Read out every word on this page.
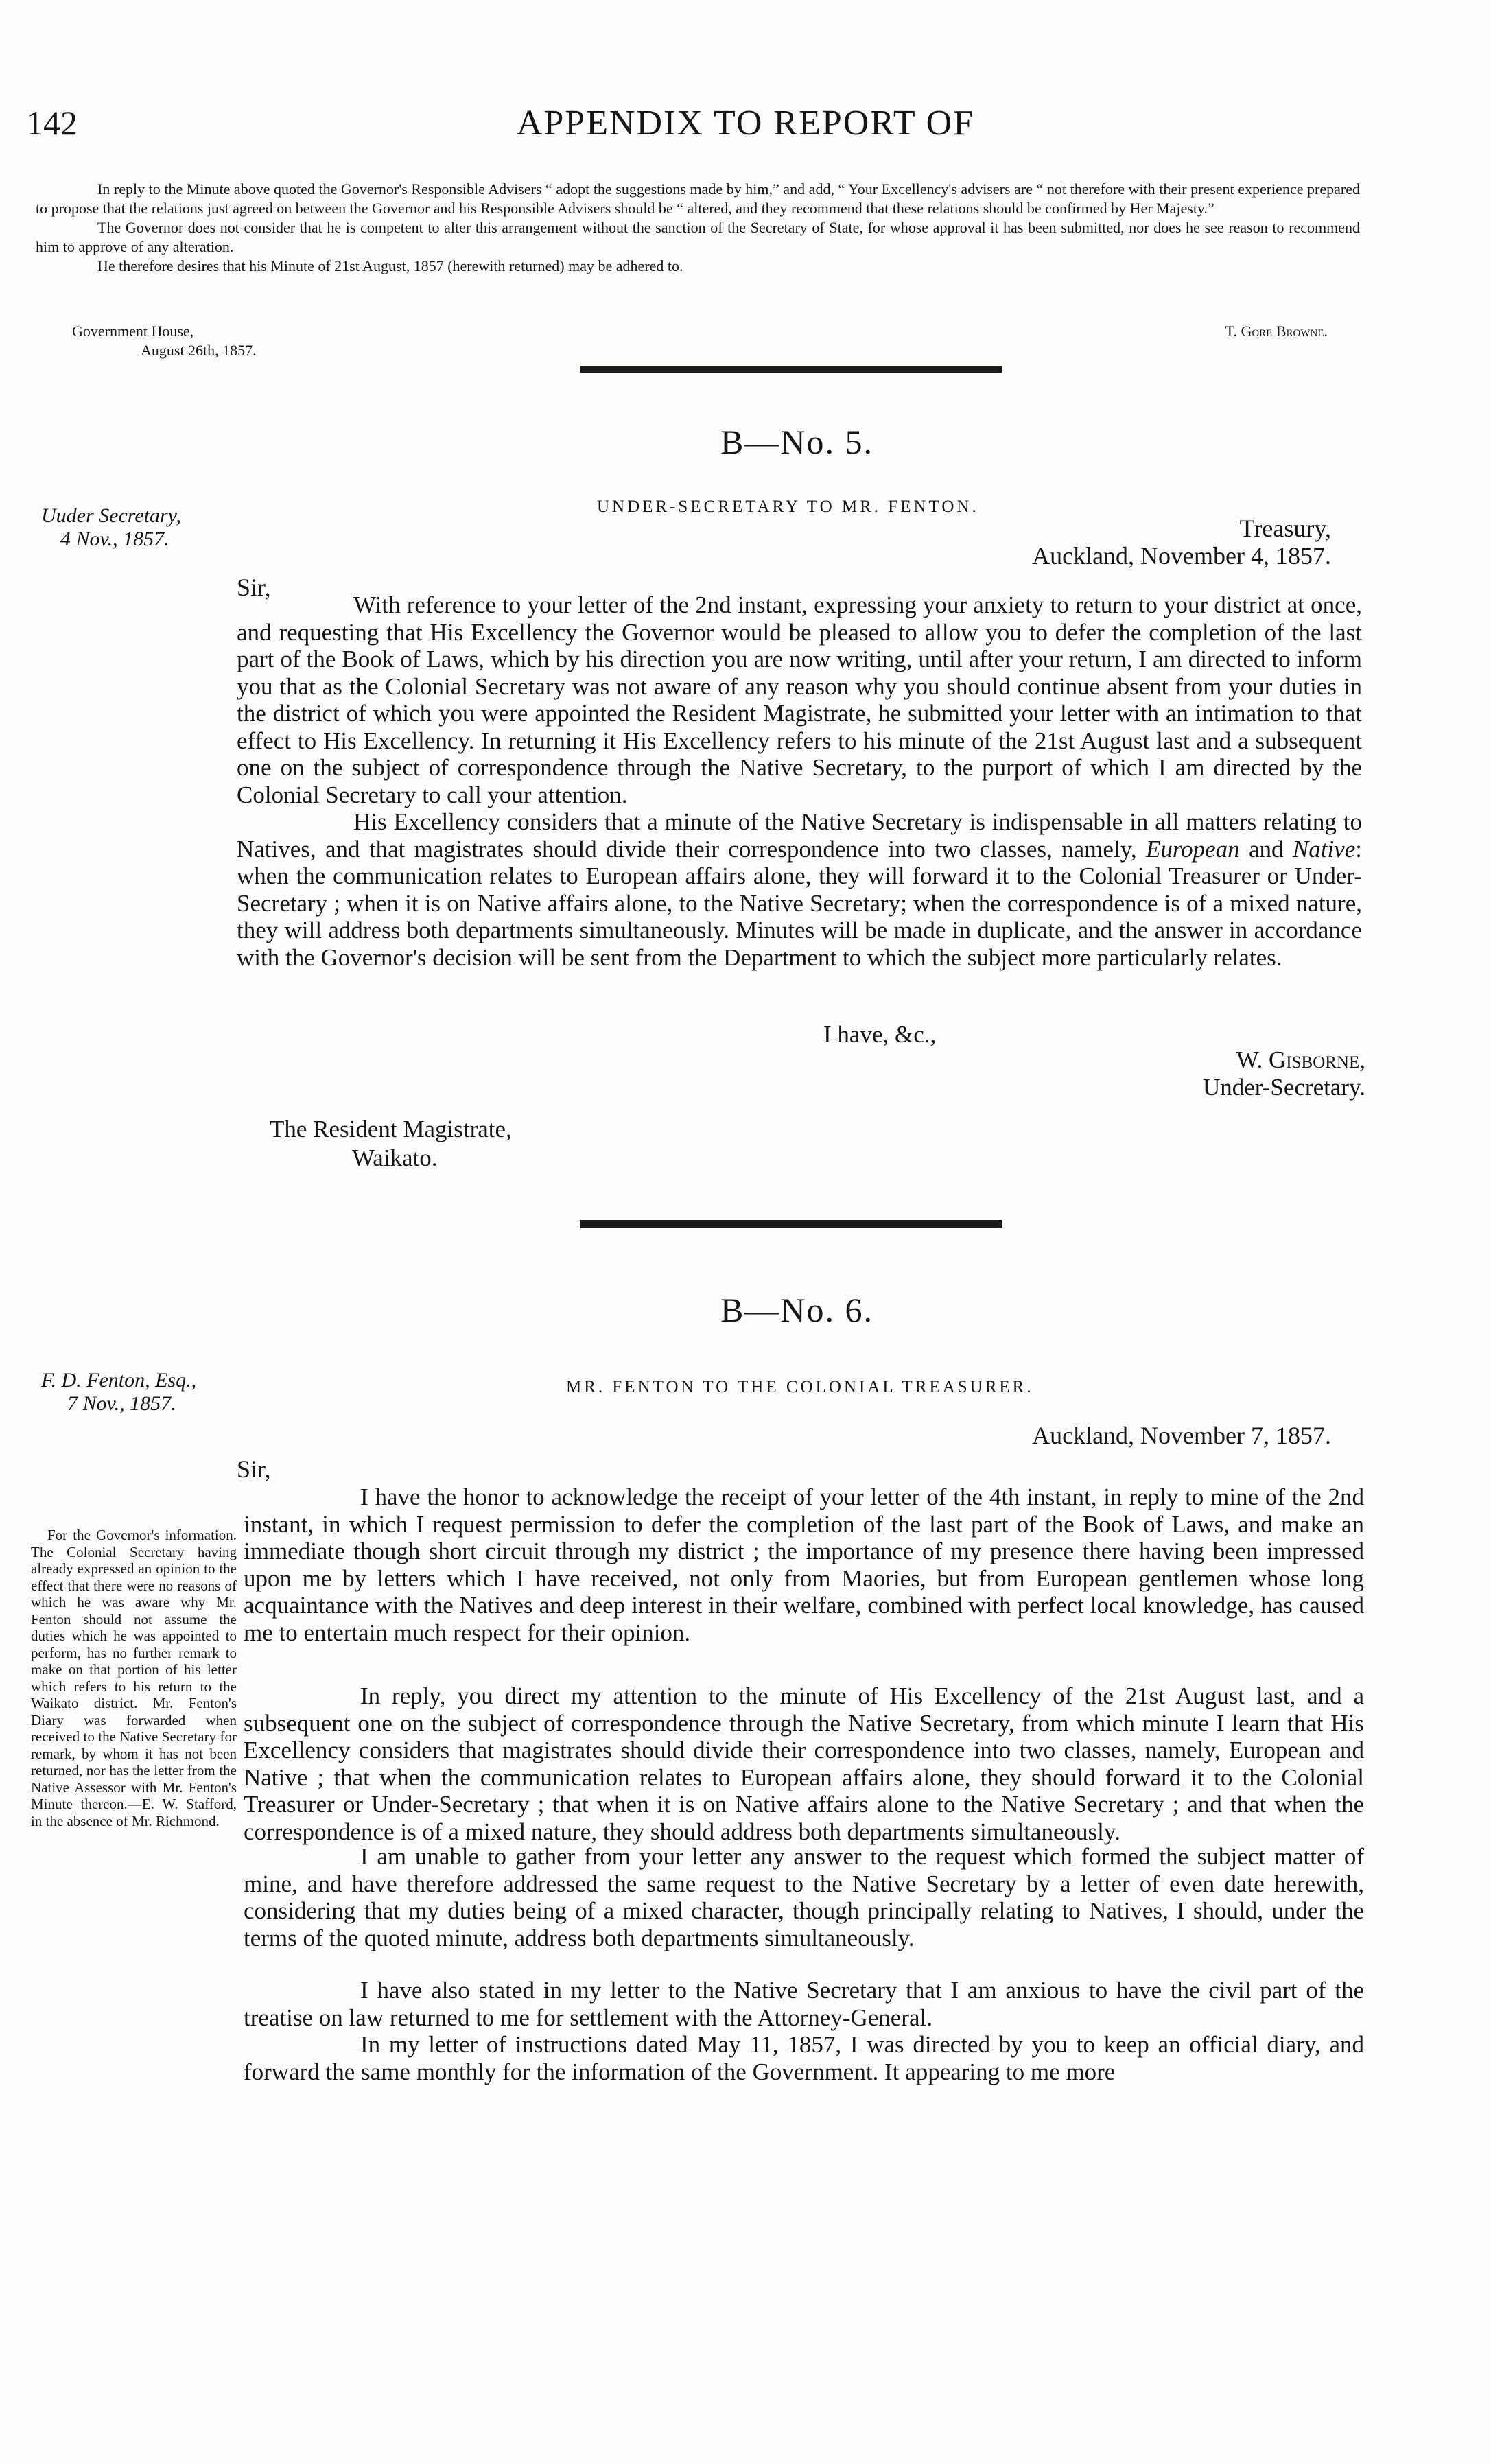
142	APPENDIX TO REPORT OF

In reply to the Minute above quoted the Governor's Responsible Advisers “ adopt the suggestions made by him,” and add, “ Your Excellency's advisers are “ not therefore with their present experience prepared to propose that the relations just agreed on between the Governor and his Responsible Advisers should be “ altered, and they recommend that these relations should be confirmed by Her Majesty.”

The Governor does not consider that he is competent to alter this arrangement without the sanction of the Secretary of State, for whose approval it has been submitted, nor does he see reason to recommend him to approve of any alteration.

He therefore desires that his Minute of 21st August, 1857 (herewith returned) may be adhered to.

Government House,	T. Gore Browne.
August 26th, 1857.
B—No. 5.
Uuder Secretary,
4 Nov., 1857.
UNDER-SECRETARY TO MR. FENTON.
Treasury,
Auckland, November 4, 1857.
Sir,

With reference to your letter of the 2nd instant, expressing your anxiety to return to your district at once, and requesting that His Excellency the Governor would be pleased to allow you to defer the completion of the last part of the Book of Laws, which by his direction you are now writing, until after your return, I am directed to inform you that as the Colonial Secretary was not aware of any reason why you should continue absent from your duties in the district of which you were appointed the Resident Magistrate, he submitted your letter with an intimation to that effect to His Excellency. In returning it His Excellency refers to his minute of the 21st August last and a subsequent one on the subject of correspondence through the Native Secretary, to the purport of which I am directed by the Colonial Secretary to call your attention.

His Excellency considers that a minute of the Native Secretary is indispensable in all matters relating to Natives, and that magistrates should divide their correspondence into two classes, namely, European and Native: when the communication relates to European affairs alone, they will forward it to the Colonial Treasurer or Under-Secretary ; when it is on Native affairs alone, to the Native Secretary; when the correspondence is of a mixed nature, they will address both departments simultaneously. Minutes will be made in duplicate, and the answer in accordance with the Governor's decision will be sent from the Department to which the subject more particularly relates.

I have, &c.,
W. Gisborne,
Under-Secretary.
The Resident Magistrate,
Waikato.
B—No. 6.
F. D. Fenton, Esq.,
7 Nov., 1857.
MR. FENTON TO THE COLONIAL TREASURER.
Auckland, November 7, 1857.
Sir,

For the Governor's information. The Colonial Secretary having already expressed an opinion to the effect that there were no reasons of which he was aware why Mr. Fenton should not assume the duties which he was appointed to perform, has no further remark to make on that portion of his letter which refers to his return to the Waikato district. Mr. Fenton's Diary was forwarded when received to the Native Secretary for remark, by whom it has not been returned, nor has the letter from the Native Assessor with Mr. Fenton's Minute thereon.—E. W. Stafford, in the absence of Mr. Richmond.

I have the honor to acknowledge the receipt of your letter of the 4th instant, in reply to mine of the 2nd instant, in which I request permission to defer the completion of the last part of the Book of Laws, and make an immediate though short circuit through my district ; the importance of my presence there having been impressed upon me by letters which I have received, not only from Maories, but from European gentlemen whose long acquaintance with the Natives and deep interest in their welfare, combined with perfect local knowledge, has caused me to entertain much respect for their opinion.

In reply, you direct my attention to the minute of His Excellency of the 21st August last, and a subsequent one on the subject of correspondence through the Native Secretary, from which minute I learn that His Excellency considers that magistrates should divide their correspondence into two classes, namely, European and Native ; that when the communication relates to European affairs alone, they should forward it to the Colonial Treasurer or Under-Secretary ; that when it is on Native affairs alone to the Native Secretary ; and that when the correspondence is of a mixed nature, they should address both departments simultaneously.

I am unable to gather from your letter any answer to the request which formed the subject matter of mine, and have therefore addressed the same request to the Native Secretary by a letter of even date herewith, considering that my duties being of a mixed character, though principally relating to Natives, I should, under the terms of the quoted minute, address both departments simultaneously.

I have also stated in my letter to the Native Secretary that I am anxious to have the civil part of the treatise on law returned to me for settlement with the Attorney-General.

In my letter of instructions dated May 11, 1857, I was directed by you to keep an official diary, and forward the same monthly for the information of the Government. It appearing to me more
